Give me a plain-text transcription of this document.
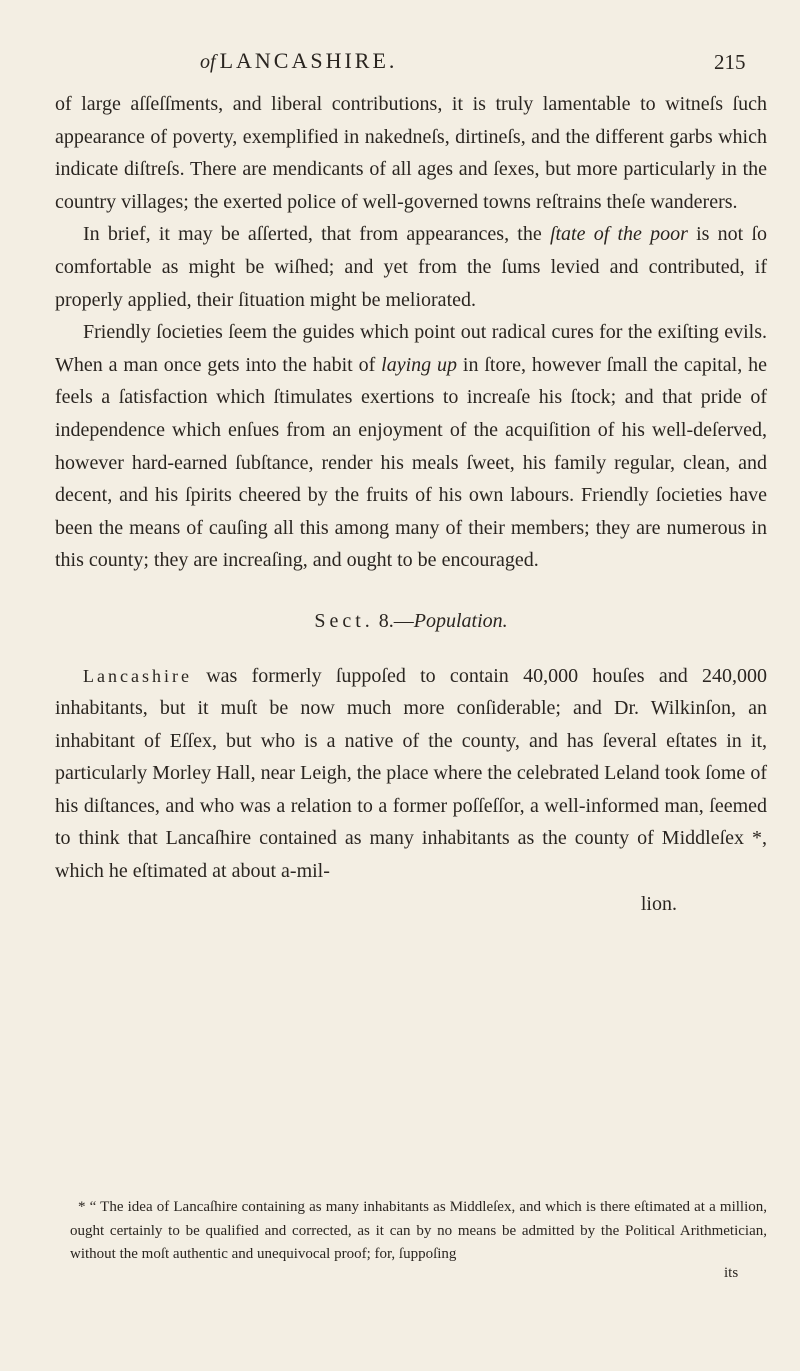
of LANCASHIRE.	215

of large aſſeſſments, and liberal contributions, it is truly lamentable to witneſs ſuch appearance of poverty, exemplified in nakedneſs, dirtineſs, and the different garbs which indicate diſtreſs. There are mendicants of all ages and ſexes, but more particularly in the country villages; the exerted police of well-governed towns reſtrains theſe wanderers.

In brief, it may be aſſerted, that from appearances, the ſtate of the poor is not ſo comfortable as might be wiſhed; and yet from the ſums levied and contributed, if properly applied, their ſituation might be meliorated.

Friendly ſocieties ſeem the guides which point out radical cures for the exiſting evils. When a man once gets into the habit of laying up in ſtore, however ſmall the capital, he feels a ſatisfaction which ſtimulates exertions to increaſe his ſtock; and that pride of independence which enſues from an enjoyment of the acquiſition of his well-deſerved, however hard-earned ſubſtance, render his meals ſweet, his family regular, clean, and decent, and his ſpirits cheered by the fruits of his own labours. Friendly ſocieties have been the means of cauſing all this among many of their members; they are numerous in this county; they are increaſing, and ought to be encouraged.

Sect. 8.—Population.

Lancashire was formerly ſuppoſed to contain 40,000 houſes and 240,000 inhabitants, but it muſt be now much more conſiderable; and Dr. Wilkinſon, an inhabitant of Eſſex, but who is a native of the county, and has ſeveral eſtates in it, particularly Morley Hall, near Leigh, the place where the celebrated Leland took ſome of his diſtances, and who was a relation to a former poſſeſſor, a well-informed man, ſeemed to think that Lancaſhire contained as many inhabitants as the county of Middleſex *, which he eſtimated at about a-mil-

lion.

* “ The idea of Lancaſhire containing as many inhabitants as Middleſex, and which is there eſtimated at a million, ought certainly to be qualified and corrected, as it can by no means be admitted by the Political Arithmetician, without the moſt authentic and unequivocal proof; for, ſuppoſing

its
